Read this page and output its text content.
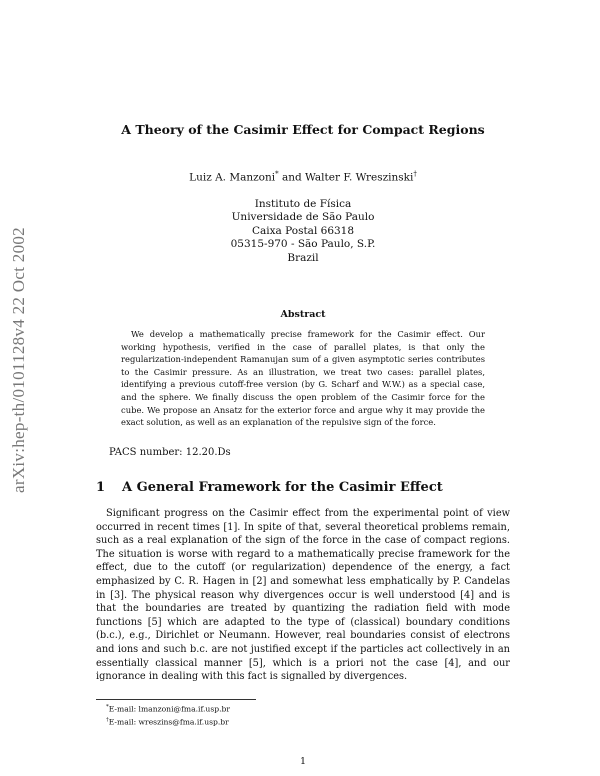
arXiv:hep-th/0101128v4 22 Oct 2002
A Theory of the Casimir Effect for Compact Regions
Luiz A. Manzoni* and Walter F. Wreszinski†
Instituto de Física
Universidade de São Paulo
Caixa Postal 66318
05315-970 - São Paulo, S.P.
Brazil
Abstract
We develop a mathematically precise framework for the Casimir effect. Our working hypothesis, verified in the case of parallel plates, is that only the regularization-independent Ramanujan sum of a given asymptotic series contributes to the Casimir pressure. As an illustration, we treat two cases: parallel plates, identifying a previous cutoff-free version (by G. Scharf and W.W.) as a special case, and the sphere. We finally discuss the open problem of the Casimir force for the cube. We propose an Ansatz for the exterior force and argue why it may provide the exact solution, as well as an explanation of the repulsive sign of the force.
PACS number: 12.20.Ds
1 A General Framework for the Casimir Effect
Significant progress on the Casimir effect from the experimental point of view occurred in recent times [1]. In spite of that, several theoretical problems remain, such as a real explanation of the sign of the force in the case of compact regions. The situation is worse with regard to a mathematically precise framework for the effect, due to the cutoff (or regularization) dependence of the energy, a fact emphasized by C. R. Hagen in [2] and somewhat less emphatically by P. Candelas in [3]. The physical reason why divergences occur is well understood [4] and is that the boundaries are treated by quantizing the radiation field with mode functions [5] which are adapted to the type of (classical) boundary conditions (b.c.), e.g., Dirichlet or Neumann. However, real boundaries consist of electrons and ions and such b.c. are not justified except if the particles act collectively in an essentially classical manner [5], which is a priori not the case [4], and our ignorance in dealing with this fact is signalled by divergences.
*E-mail: lmanzoni@fma.if.usp.br
†E-mail: wreszins@fma.if.usp.br
1
